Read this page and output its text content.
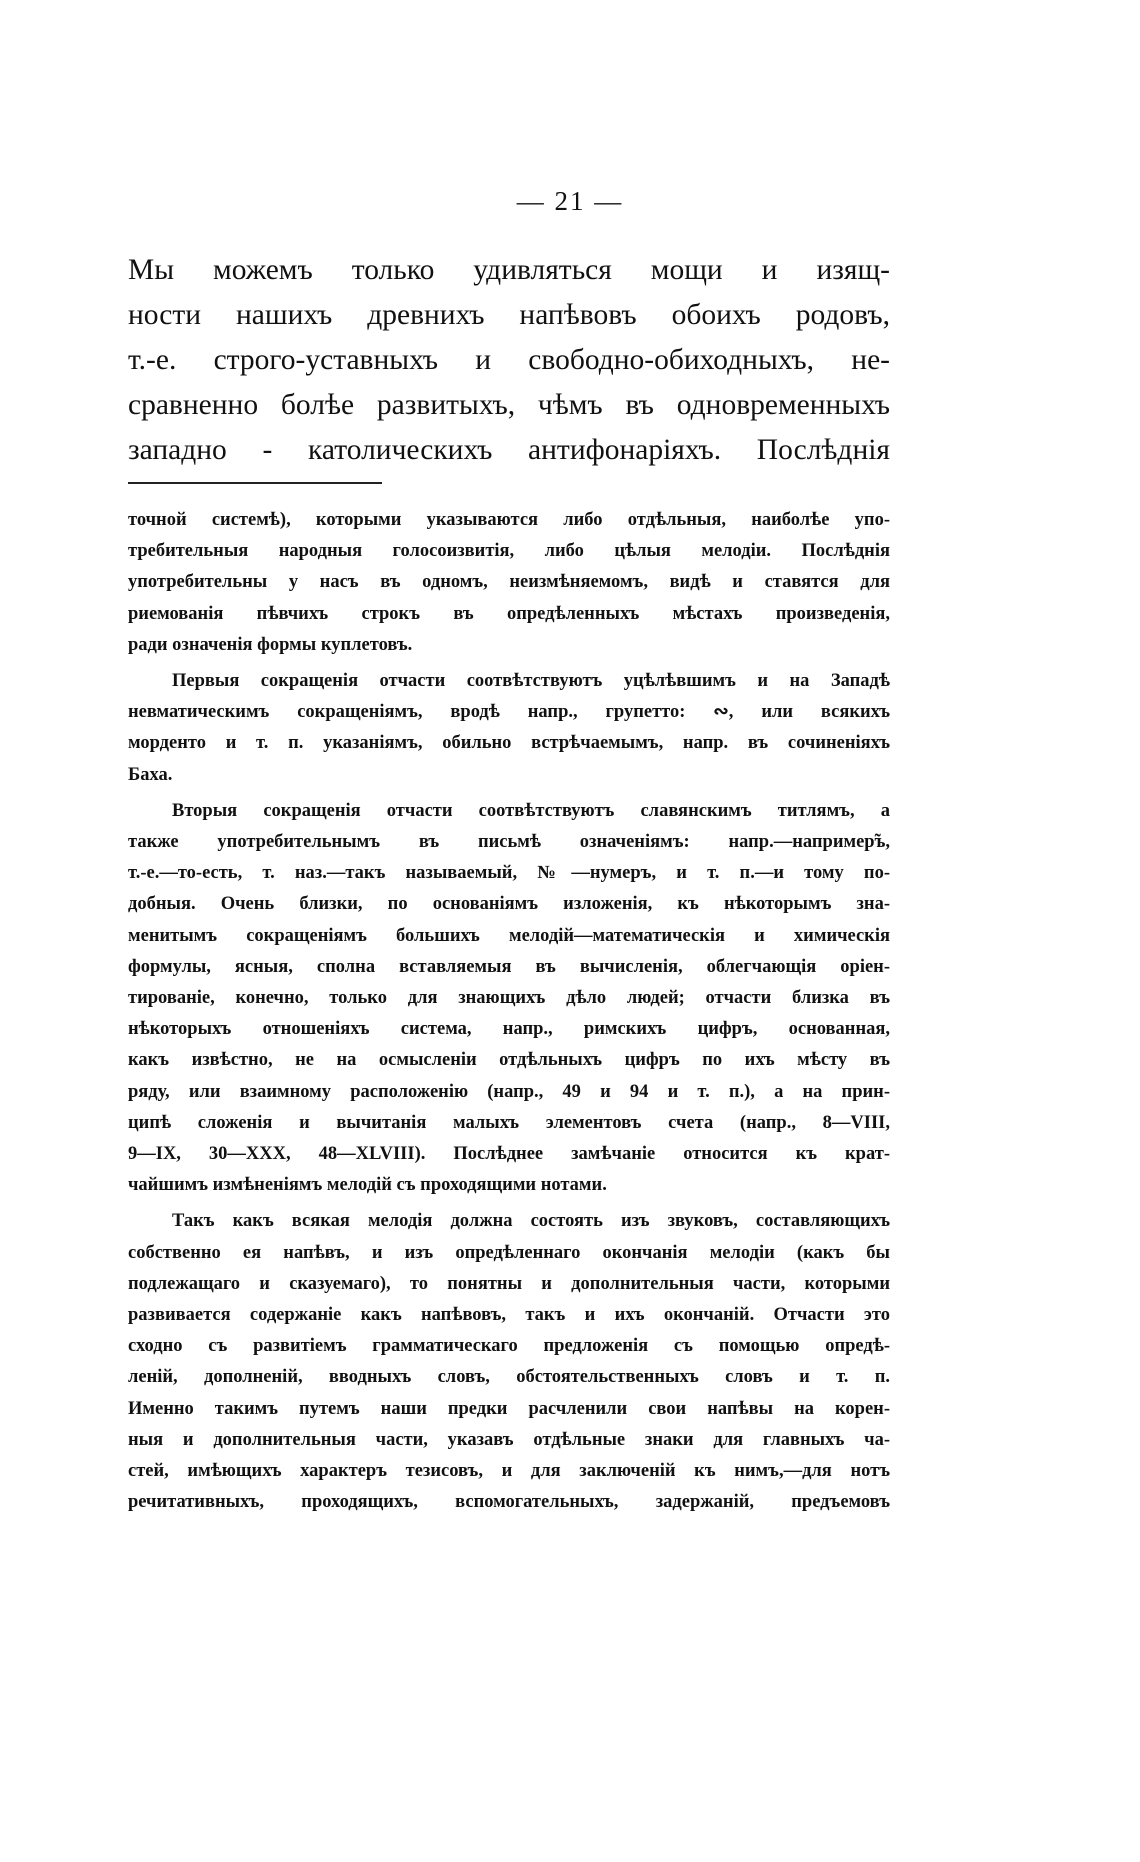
— 21 —
Мы можемъ только удивляться мощи и изящ-
ности нашихъ древнихъ напѣвовъ обоихъ родовъ,
т.-е. строго-уставныхъ и свободно-обиходныхъ, не-
сравненно болѣе развитыхъ, чѣмъ въ одновременныхъ
западно - католическихъ антифонаріяхъ. Послѣднія
точной системѣ), которыми указываются либо отдѣльныя, наиболѣе упо-
требительныя народныя голосоизвитія, либо цѣлыя мелодіи. Послѣднія
употребительны у насъ въ одномъ, неизмѣняемомъ, видѣ и ставятся для
риемованія пѣвчихъ строкъ въ опредѣленныхъ мѣстахъ произведенія,
ради означенія формы куплетовъ.
Первыя сокращенія отчасти соотвѣтствуютъ уцѣлѣвшимъ и на Западѣ
невматическимъ сокращеніямъ, вродѣ напр., групетто: ∾, или всякихъ
морденто и т. п. указаніямъ, обильно встрѣчаемымъ, напр. въ сочиненіяхъ
Баха.
Вторыя сокращенія отчасти соотвѣтствуютъ славянскимъ титлямъ, а
также употребительнымъ въ письмѣ означеніямъ: напр.—например̃ъ,
т.-е.—то-есть, т. наз.—такъ называемый, №—нумеръ, и т. п.—и тому по-
добныя. Очень близки, по основаніямъ изложенія, къ нѣкоторымъ зна-
менитымъ сокращеніямъ большихъ мелодій—математическія и химическія
формулы, ясныя, сполна вставляемыя въ вычисленія, облегчающія оріен-
тированіе, конечно, только для знающихъ дѣло людей; отчасти близка въ
нѣкоторыхъ отношеніяхъ система, напр., римскихъ цифръ, основанная,
какъ извѣстно, не на осмысленіи отдѣльныхъ цифръ по ихъ мѣсту въ
ряду, или взаимному расположенію (напр., 49 и 94 и т. п.), а на прин-
ципѣ сложенія и вычитанія малыхъ элементовъ счета (напр., 8—VIII,
9—IX, 30—XXX, 48—XLVIII). Послѣднее замѣчаніе относится къ крат-
чайшимъ измѣненіямъ мелодій съ проходящими нотами.
Такъ какъ всякая мелодія должна состоять изъ звуковъ, составляющихъ
собственно ея напѣвъ, и изъ опредѣленнаго окончанія мелодіи (какъ бы
подлежащаго и сказуемаго), то понятны и дополнительныя части, которыми
развивается содержаніе какъ напѣвовъ, такъ и ихъ окончаній. Отчасти это
сходно съ развитіемъ грамматическаго предложенія съ помощью опредѣ-
леній, дополненій, вводныхъ словъ, обстоятельственныхъ словъ и т. п.
Именно такимъ путемъ наши предки расчленили свои напѣвы на корен-
ныя и дополнительныя части, указавъ отдѣльные знаки для главныхъ ча-
стей, имѣющихъ характеръ тезисовъ, и для заключеній къ нимъ,—для нотъ
речитативныхъ, проходящихъ, вспомогательныхъ, задержаній, предъемовъ
